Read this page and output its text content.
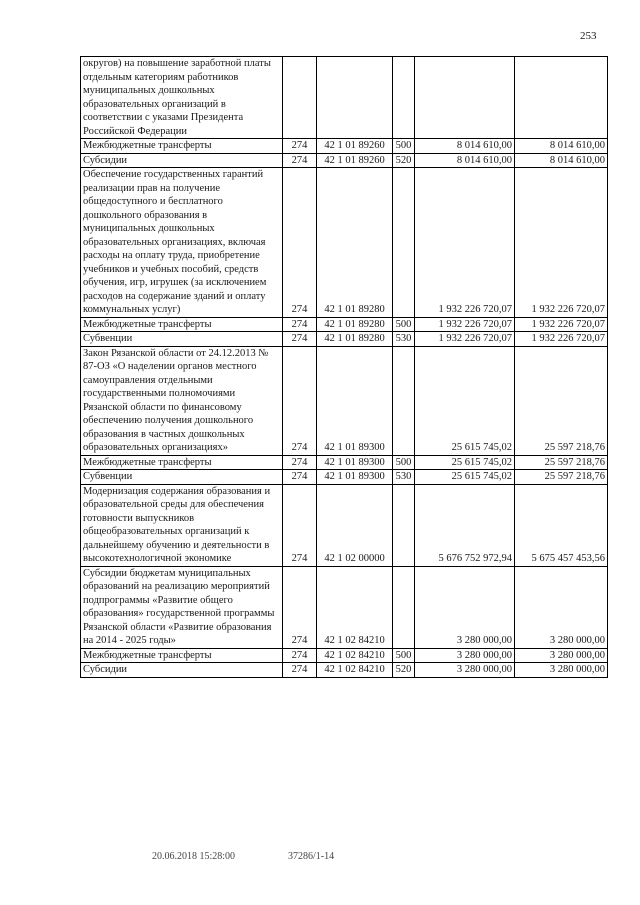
253
округов) на повышение заработной платы отдельным категориям работников муниципальных дошкольных образовательных организаций в соответствии с указами Президента Российской Федерации					
Межбюджетные трансферты	274	42 1 01 89260	500	8 014 610,00	8 014 610,00
Субсидии	274	42 1 01 89260	520	8 014 610,00	8 014 610,00
Обеспечение государственных гарантий реализации прав на получение общедоступного и бесплатного дошкольного образования в муниципальных дошкольных образовательных организациях, включая расходы на оплату труда, приобретение учебников и учебных пособий, средств обучения, игр, игрушек (за исключением расходов на содержание зданий и оплату коммунальных услуг)	274	42 1 01 89280		1 932 226 720,07	1 932 226 720,07
Межбюджетные трансферты	274	42 1 01 89280	500	1 932 226 720,07	1 932 226 720,07
Субвенции	274	42 1 01 89280	530	1 932 226 720,07	1 932 226 720,07
Закон Рязанской области от 24.12.2013 № 87-ОЗ «О наделении органов местного самоуправления отдельными государственными полномочиями Рязанской области по финансовому обеспечению получения дошкольного образования в частных дошкольных образовательных организациях»	274	42 1 01 89300		25 615 745,02	25 597 218,76
Межбюджетные трансферты	274	42 1 01 89300	500	25 615 745,02	25 597 218,76
Субвенции	274	42 1 01 89300	530	25 615 745,02	25 597 218,76
Модернизация содержания образования и образовательной среды для обеспечения готовности выпускников общеобразовательных организаций к дальнейшему обучению и деятельности в высокотехнологичной экономике	274	42 1 02 00000		5 676 752 972,94	5 675 457 453,56
Субсидии бюджетам муниципальных образований на реализацию мероприятий подпрограммы «Развитие общего образования» государственной программы Рязанской области «Развитие образования на 2014 - 2025 годы»	274	42 1 02 84210		3 280 000,00	3 280 000,00
Межбюджетные трансферты	274	42 1 02 84210	500	3 280 000,00	3 280 000,00
Субсидии	274	42 1 02 84210	520	3 280 000,00	3 280 000,00
20.06.2018 15:28:00	37286/1-14
